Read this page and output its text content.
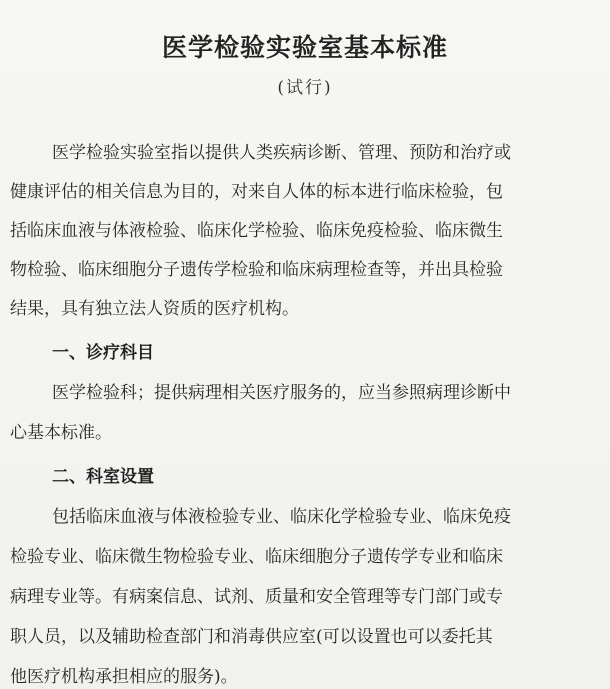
医学检验实验室基本标准
(试行)
医学检验实验室指以提供人类疾病诊断、管理、预防和治疗或
健康评估的相关信息为目的，对来自人体的标本进行临床检验，包
括临床血液与体液检验、临床化学检验、临床免疫检验、临床微生
物检验、临床细胞分子遗传学检验和临床病理检查等，并出具检验
结果，具有独立法人资质的医疗机构。
一、诊疗科目
医学检验科；提供病理相关医疗服务的，应当参照病理诊断中
心基本标准。
二、科室设置
包括临床血液与体液检验专业、临床化学检验专业、临床免疫
检验专业、临床微生物检验专业、临床细胞分子遗传学专业和临床
病理专业等。有病案信息、试剂、质量和安全管理等专门部门或专
职人员，以及辅助检查部门和消毒供应室(可以设置也可以委托其
他医疗机构承担相应的服务)。
